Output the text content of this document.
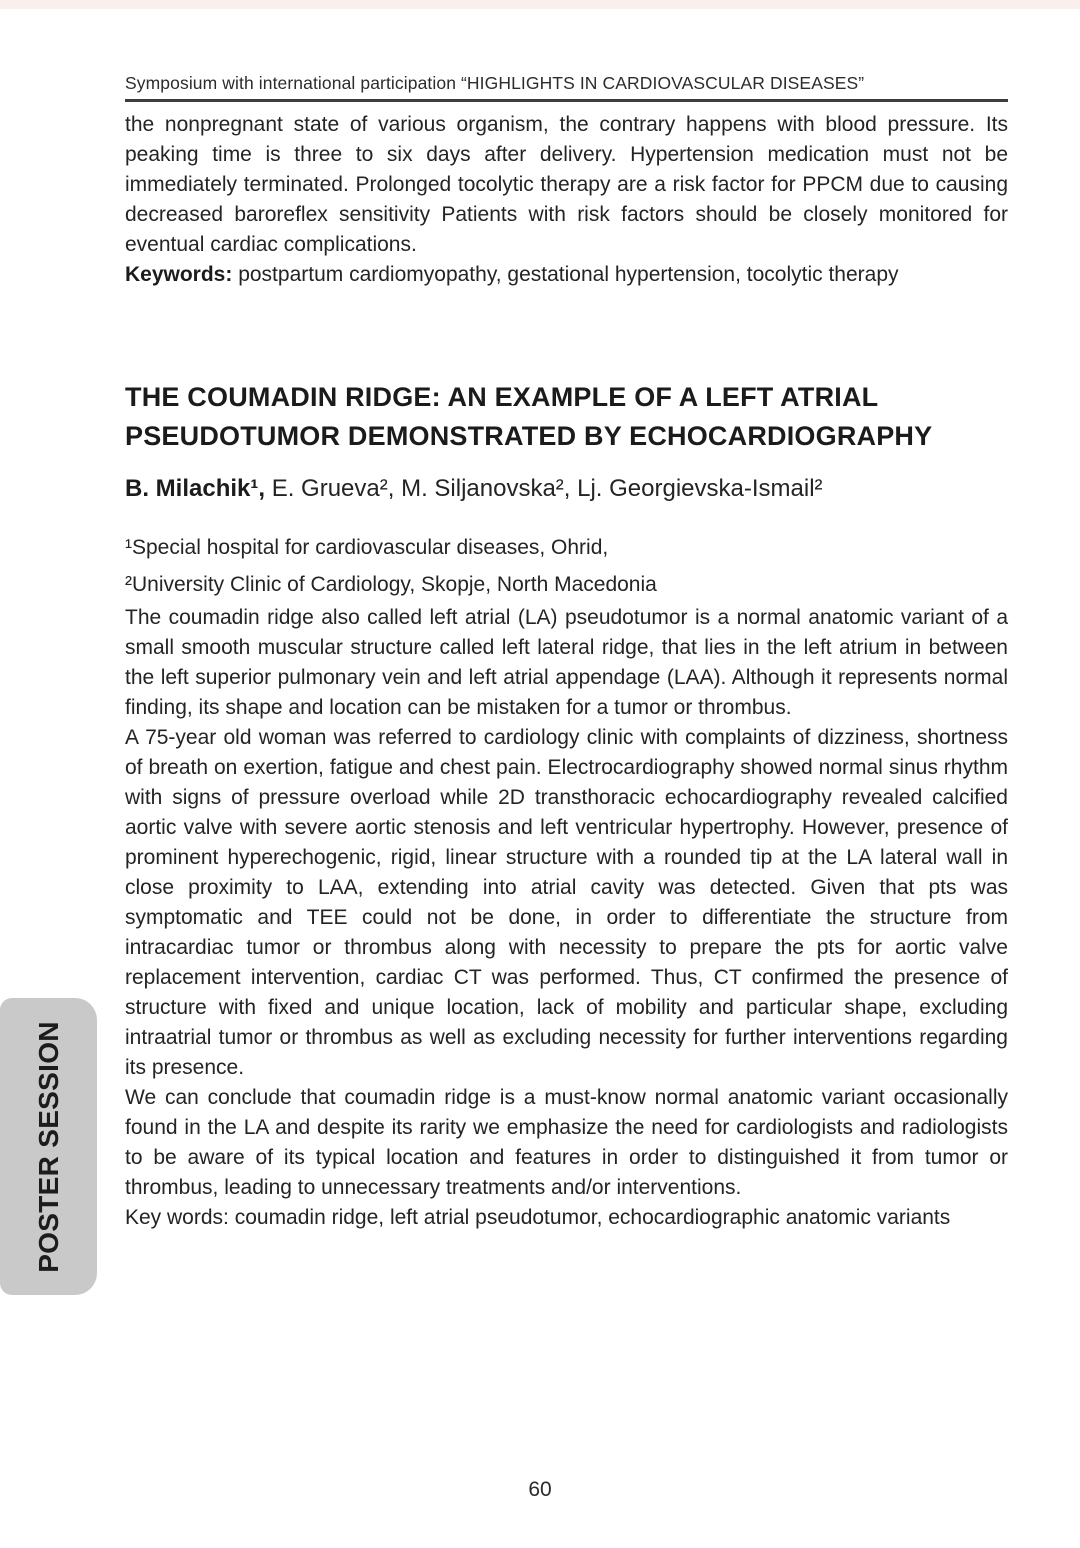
Symposium with international participation “HIGHLIGHTS IN CARDIOVASCULAR DISEASES”

the nonpregnant state of various organism, the contrary happens with blood pressure. Its peaking time is three to six days after delivery. Hypertension medication must not be immediately terminated. Prolonged tocolytic therapy are a risk factor for PPCM due to causing decreased baroreflex sensitivity Patients with risk factors should be closely monitored for eventual cardiac complications.

Keywords: postpartum cardiomyopathy, gestational hypertension, tocolytic therapy

THE COUMADIN RIDGE: AN EXAMPLE OF A LEFT ATRIAL PSEUDOTUMOR DEMONSTRATED BY ECHOCARDIOGRAPHY

B. Milachik¹, E. Grueva², M. Siljanovska², Lj. Georgievska-Ismail²

¹Special hospital for cardiovascular diseases, Ohrid,

²University Clinic of Cardiology, Skopje, North Macedonia

The coumadin ridge also called left atrial (LA) pseudotumor is a normal anatomic variant of a small smooth muscular structure called left lateral ridge, that lies in the left atrium in between the left superior pulmonary vein and left atrial appendage (LAA). Although it represents normal finding, its shape and location can be mistaken for a tumor or thrombus.

A 75-year old woman was referred to cardiology clinic with complaints of dizziness, shortness of breath on exertion, fatigue and chest pain. Electrocardiography showed normal sinus rhythm with signs of pressure overload while 2D transthoracic echocardiography revealed calcified aortic valve with severe aortic stenosis and left ventricular hypertrophy. However, presence of prominent hyperechogenic, rigid, linear structure with a rounded tip at the LA lateral wall in close proximity to LAA, extending into atrial cavity was detected. Given that pts was symptomatic and TEE could not be done, in order to differentiate the structure from intracardiac tumor or thrombus along with necessity to prepare the pts for aortic valve replacement intervention, cardiac CT was performed. Thus, CT confirmed the presence of structure with fixed and unique location, lack of mobility and particular shape, excluding intraatrial tumor or thrombus as well as excluding necessity for further interventions regarding its presence.

We can conclude that coumadin ridge is a must-know normal anatomic variant occasionally found in the LA and despite its rarity we emphasize the need for cardiologists and radiologists to be aware of its typical location and features in order to distinguished it from tumor or thrombus, leading to unnecessary treatments and/or interventions.

Key words: coumadin ridge, left atrial pseudotumor, echocardiographic anatomic variants

POSTER SESSION
60
